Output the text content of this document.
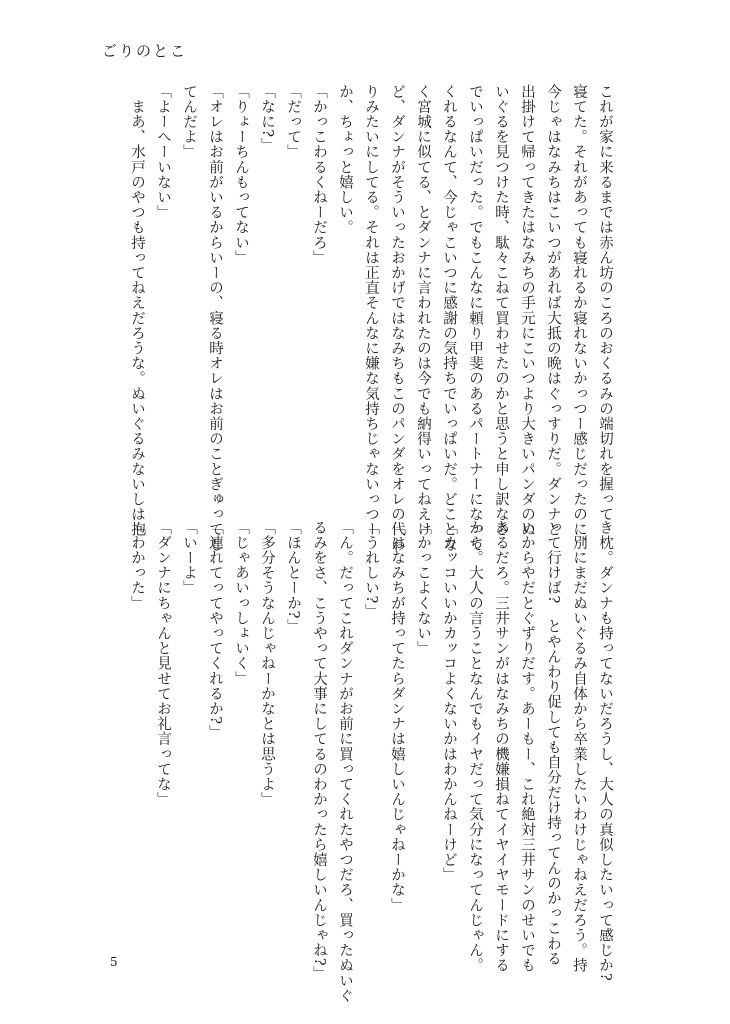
ごりのとこ
これが家に来るまでは赤ん坊のころのおくるみの端切れを握って
寝てた。それがあっても寝れるか寝れないかっつー感じだったのに、
今じゃはなみちはこいつがあれば大抵の晩はぐっすりだ。ダンナと
出掛けて帰ってきたはなみちの手元にこいつより大きいパンダのぬ
いぐるを見つけた時、駄々こねて買わせたのかと思うと申し訳なさ
でいっぱいだった。でもこんなに頼り甲斐のあるパートナーになって
くれるなんて、今じゃこいつに感謝の気持ちでいっぱいだ。どことな
く宮城に似てる、とダンナに言われたのは今でも納得いってねえけ
ど、ダンナがそういったおかげではなみちもこのパンダをオレの代わ
りみたいにしてる。それは正直そんなに嫌な気持ちじゃないっつー
か、ちょっと嬉しい。
「かっこわるくねーだろ」
「だって」
「なに?」
「りょーちんもってない」
「オレはお前がいるからいーの、寝る時オレはお前のことぎゅってし
てんだよ」
「よーへーいない」
　まあ、水戸のやつも持ってねえだろうな。ぬいぐるみないしは抱
き枕。ダンナも持ってないだろうし、大人の真似したいって感じか?
　別にまだぬいぐるみ自体から卒業したいわけじゃねえだろう。持
って行けば?　とやんわり促しても自分だけ持ってんのかっこわる
いからやだとぐずりだす。あーもー、これ絶対三井サンのせいでも
あるだろ。三井サンがはなみちの機嫌損ねてイヤイヤモードにする
から。大人の言うことなんでもイヤだって気分になってんじゃん。
「カッコいいかカッコよくないかはわかんねーけど」
「かっこよくない」
「はなみちが持ってたらダンナは嬉しいんじゃねーかな」
「うれしい?」
「ん。だってこれダンナがお前に買ってくれたやつだろ、買ったぬいぐ
るみをさ、こうやって大事にしてるのわかったら嬉しいんじゃね?」
「ほんとーか?」
「多分そうなんじゃねーかなとは思うよ」
「じゃあいっしょいく」
「連れてってやってくれるか?」
「いーよ」
「ダンナにちゃんと見せてお礼言ってな」
「わかった」
5
